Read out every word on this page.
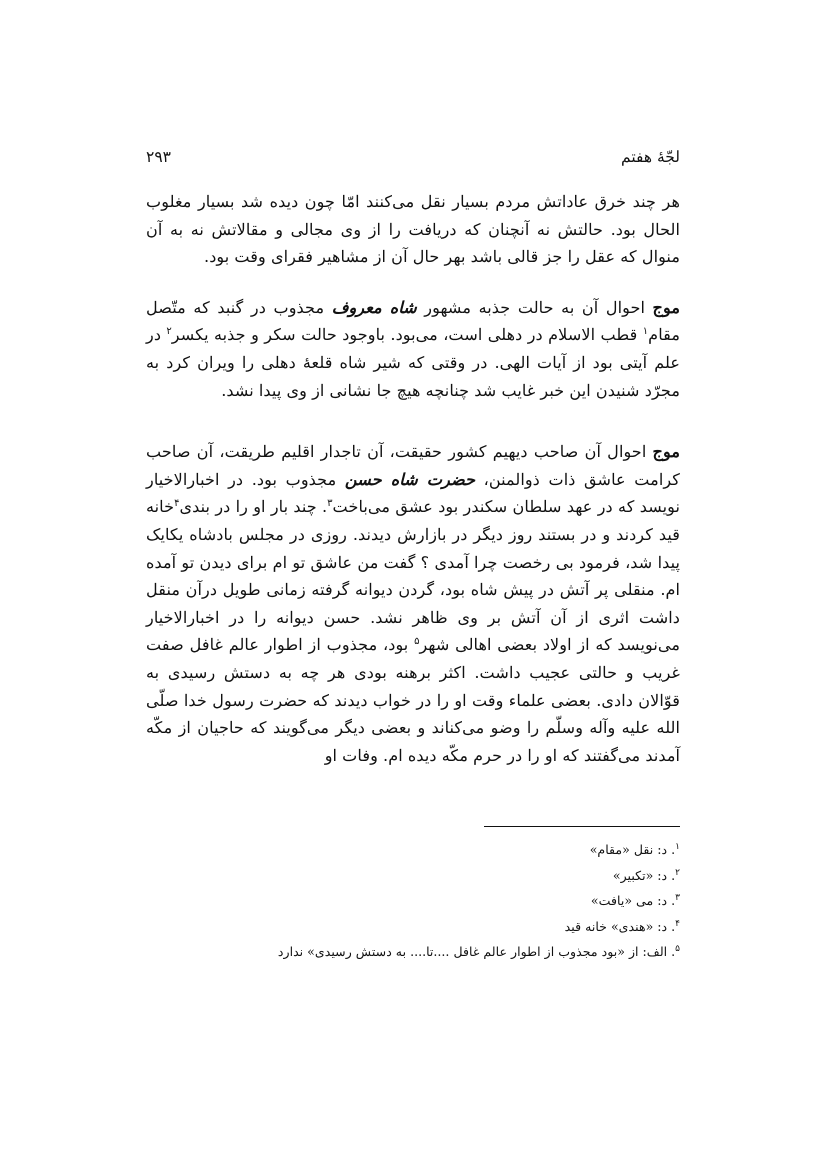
لجّهٔ هفتم
۲۹۳

هر چند خرق عاداتش مردم بسیار نقل می‌کنند امّا چون دیده شد بسیار مغلوب الحال بود. حالتش نه آنچنان که دریافت را از وی مجالی و مقالاتش نه به آن منوال که عقل را جز قالی باشد بهر حال آن از مشاهیر فقرای وقت بود.

موج احوال آن به حالت جذبه مشهور شاه معروف مجذوب در گنبد که متّصل مقام$^۱$ قطب الاسلام در دهلی است، می‌بود. باوجود حالت سکر و جذبه یکسر$^۲$ در علم آیتی بود از آیات الهی. در وقتی که شیر شاه قلعهٔ دهلی را ویران کرد به مجرّد شنیدن این خبر غایب شد چنانچه هیچ جا نشانی از وی پیدا نشد.

موج احوال آن صاحب دیهیم کشور حقیقت، آن تاجدار اقلیم طریقت، آن صاحب کرامت عاشق ذات ذوالمنن، حضرت شاه حسن مجذوب بود. در اخبارالاخیار نویسد که در عهد سلطان سکندر بود عشق می‌باخت$^۳$. چند بار او را در بندی$^۴$خانه قید کردند و در بستند روز دیگر در بازارش دیدند. روزی در مجلس بادشاه یکایک پیدا شد، فرمود بی رخصت چرا آمدی ؟ گفت من عاشق تو ام برای دیدن تو آمده ام. منقلی پر آتش در پیش شاه بود، گردن دیوانه گرفته زمانی طویل درآن منقل داشت اثری از آن آتش بر وی ظاهر نشد. حسن دیوانه را در اخبارالاخیار می‌نویسد که از اولاد بعضی اهالی شهر$^۵$ بود، مجذوب از اطوار عالم غافل صفت غریب و حالتی عجیب داشت. اکثر برهنه بودی هر چه به دستش رسیدی به قوّالان دادی. بعضی علماء وقت او را در خواب دیدند که حضرت رسول خدا صلّی الله علیه وآله وسلّم را وضو می‌کناند و بعضی دیگر می‌گویند که حاجیان از مکّه آمدند می‌گفتند که او را در حرم مکّه دیده ام. وفات او

$^۱$. د: نقل «مقام»
$^۲$. د: «تکبیر»
$^۳$. د: می «یافت»
$^۴$. د: «هندی» خانه قید
$^۵$. الف: از «بود مجذوب از اطوار عالم غافل ....تا.... به دستش رسیدی» ندارد
